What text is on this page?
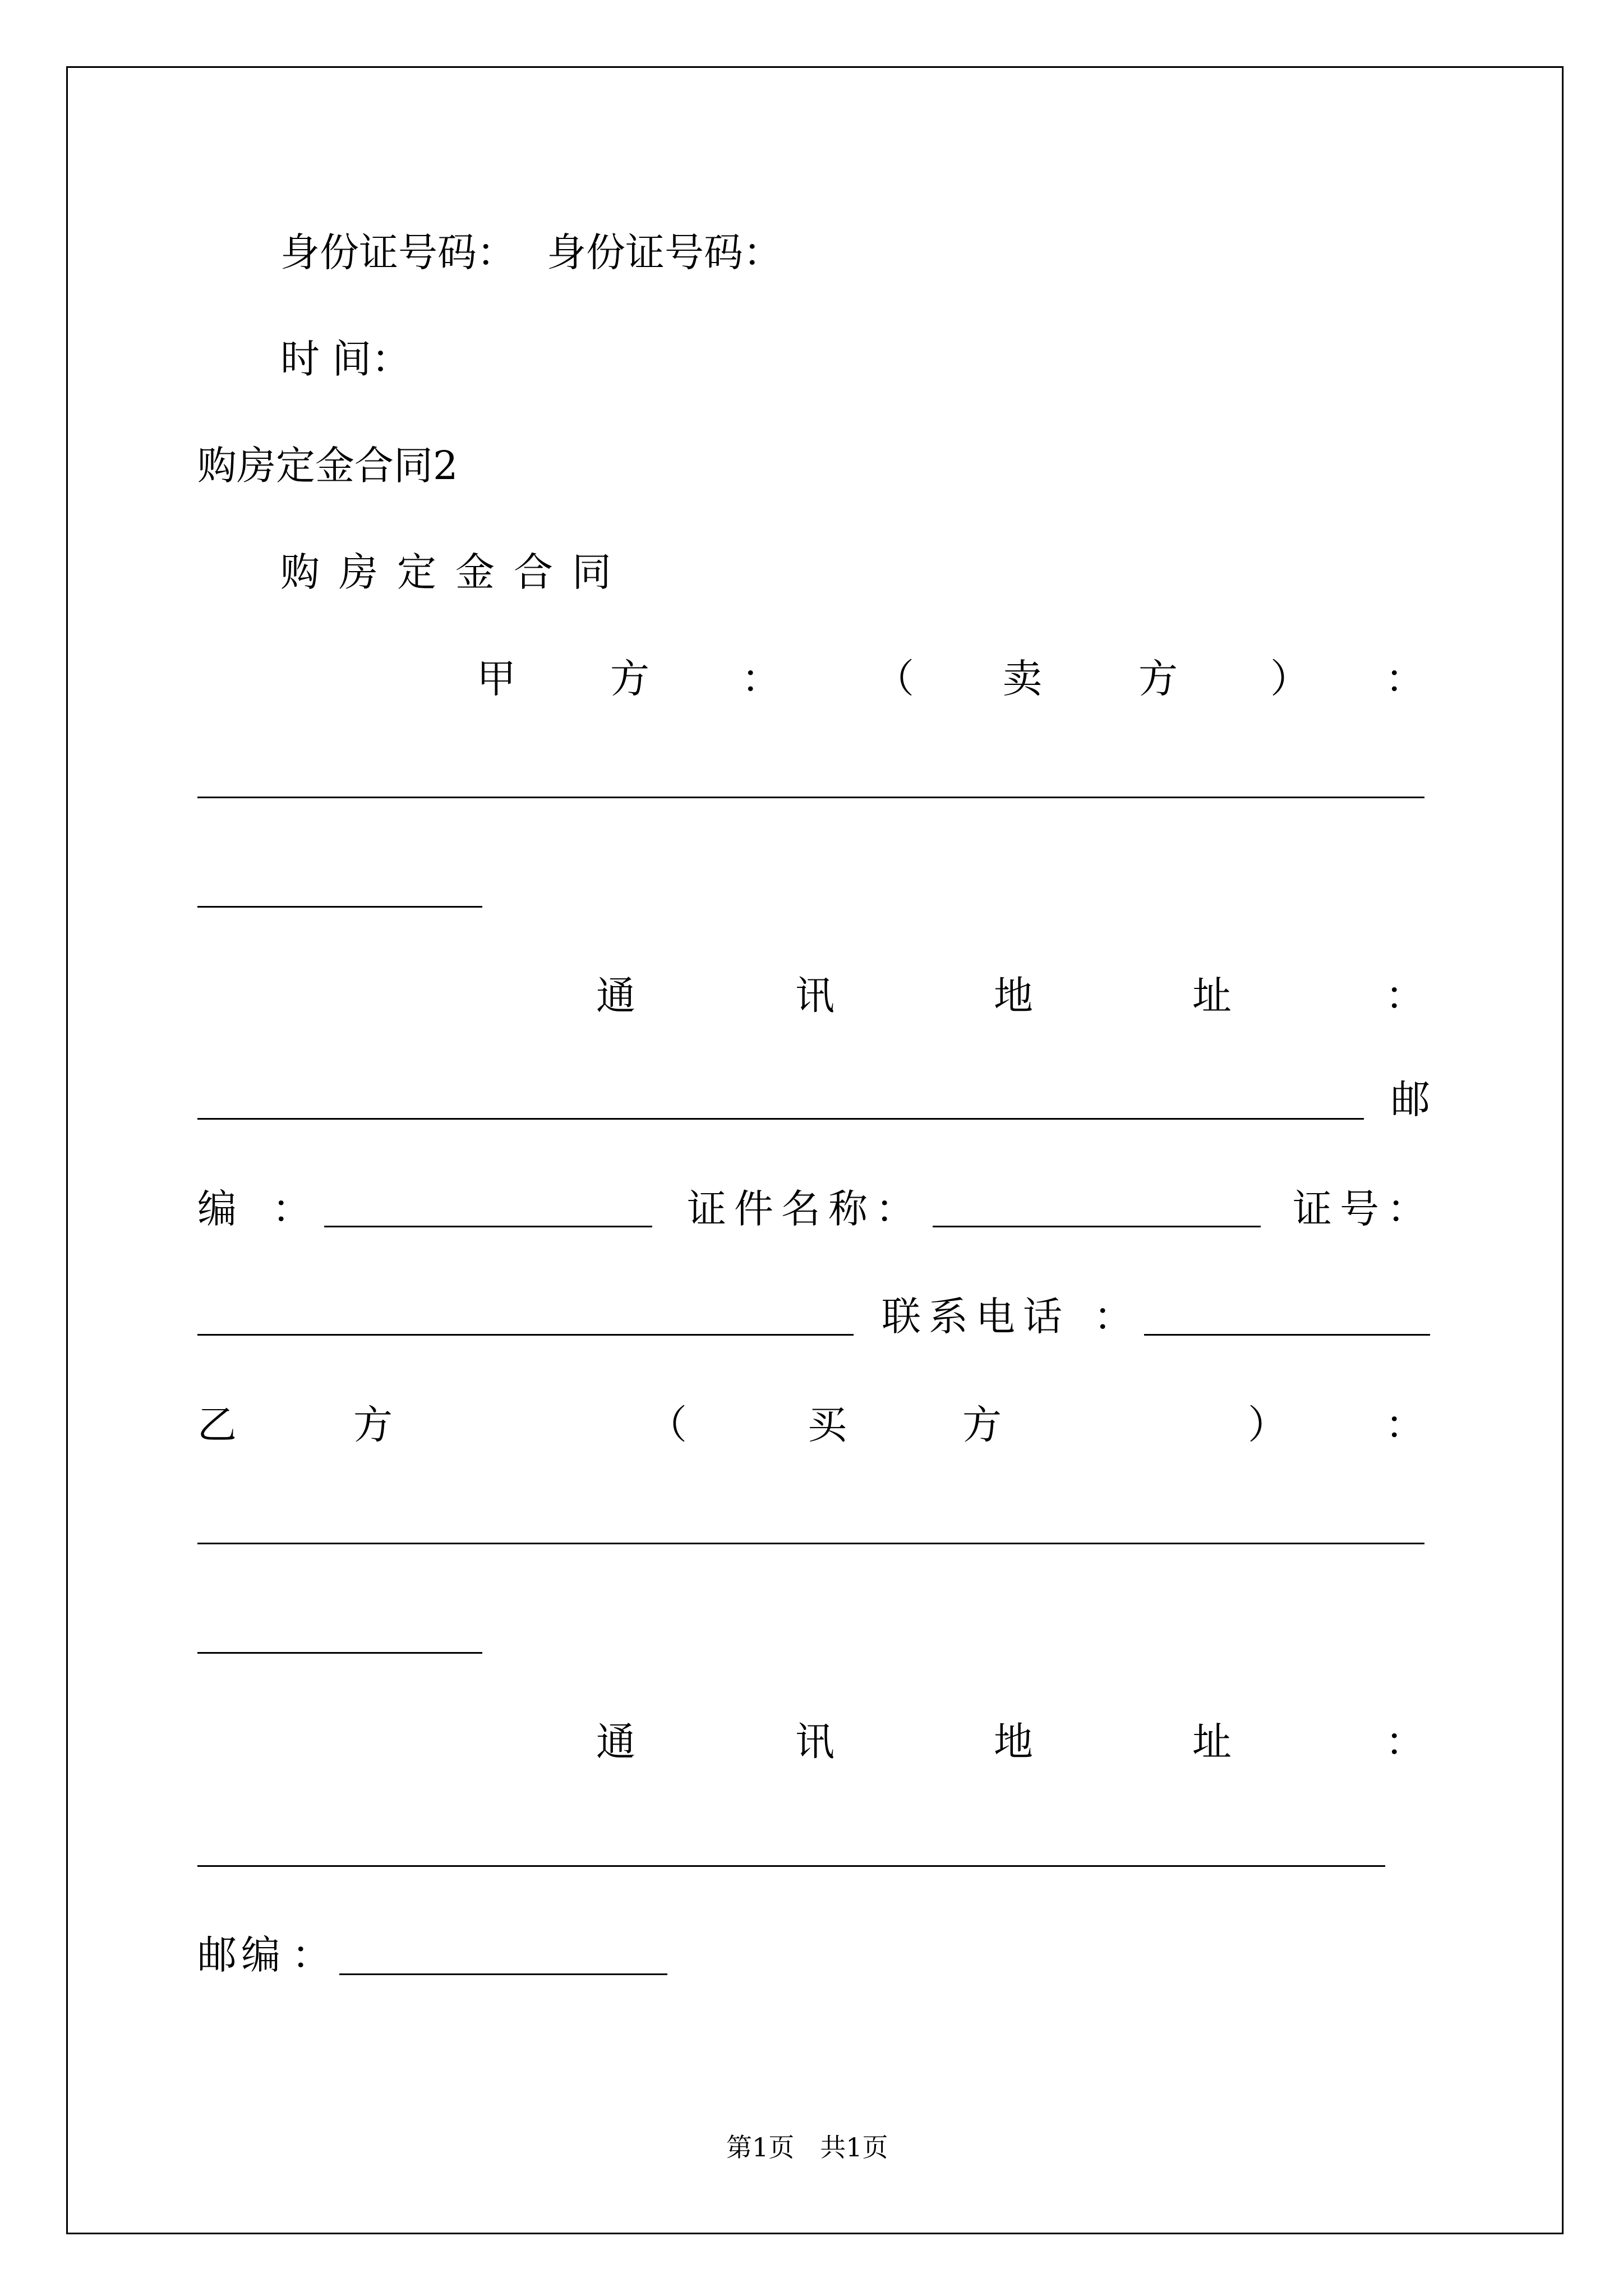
身份证号码： 身份证号码：
时 间：
购房定金合同2
购房定金合同
甲 方 ： （ 卖 方 ） ：
通	讯	地	址	：
邮
编 ：	证件名称：	证号：
联系电话 ：
乙	方	（	买	方	）	：
通	讯	地	址	：
邮编 ：
第1页　共1页
